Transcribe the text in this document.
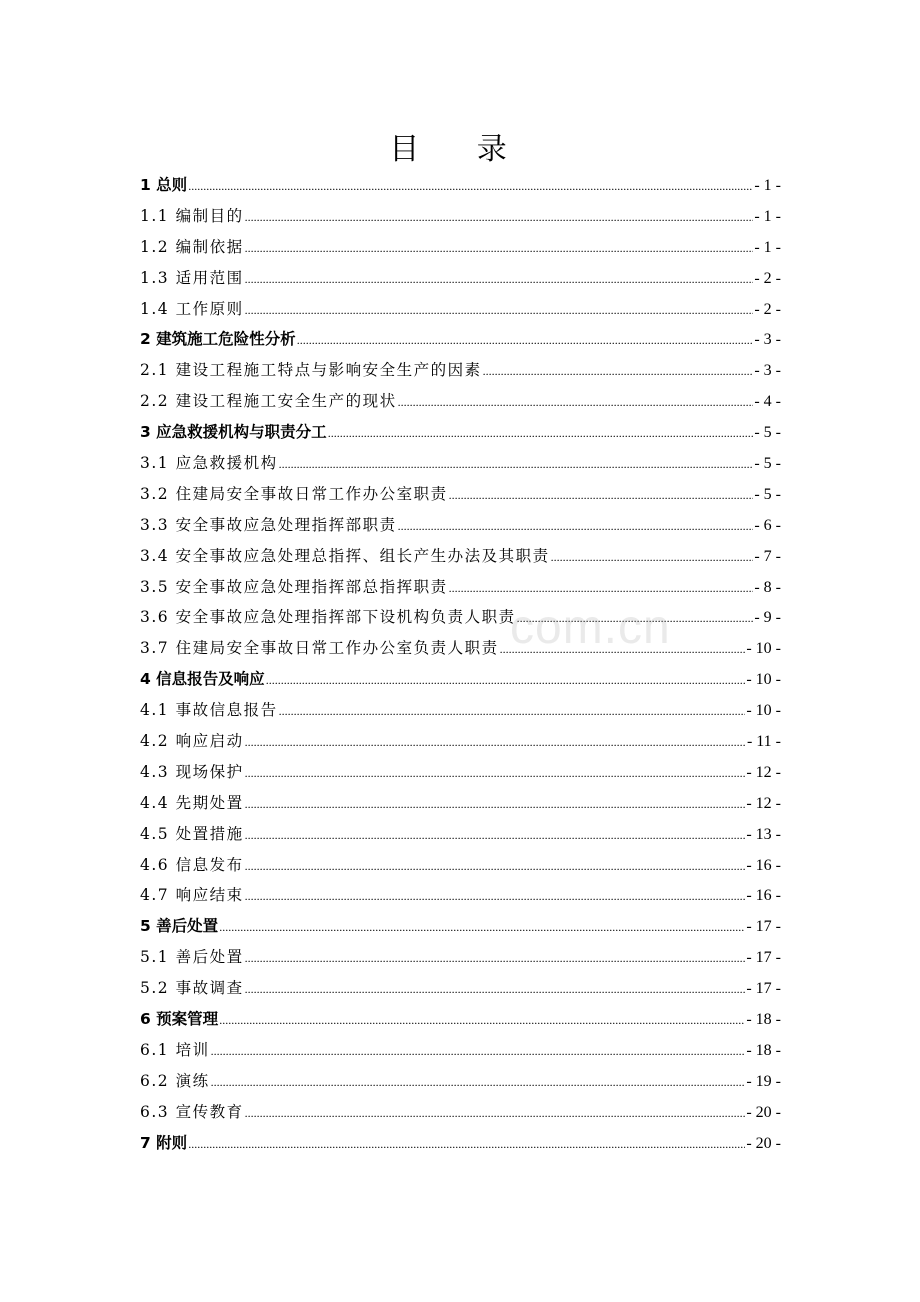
目 录
1 总则 .....	- 1 -
1.1 编制目的 .....	- 1 -
1.2 编制依据 .....	- 1 -
1.3 适用范围 .....	- 2 -
1.4 工作原则 .....	- 2 -
2 建筑施工危险性分析 .....	- 3 -
2.1 建设工程施工特点与影响安全生产的因素 .....	- 3 -
2.2 建设工程施工安全生产的现状 .....	- 4 -
3 应急救援机构与职责分工 .....	- 5 -
3.1 应急救援机构 .....	- 5 -
3.2 住建局安全事故日常工作办公室职责 .....	- 5 -
3.3 安全事故应急处理指挥部职责 .....	- 6 -
3.4 安全事故应急处理总指挥、组长产生办法及其职责 .....	- 7 -
3.5 安全事故应急处理指挥部总指挥职责 .....	- 8 -
3.6 安全事故应急处理指挥部下设机构负责人职责 .....	- 9 -
3.7 住建局安全事故日常工作办公室负责人职责 .....	- 10 -
4 信息报告及响应 .....	- 10 -
4.1 事故信息报告 .....	- 10 -
4.2 响应启动 .....	- 11 -
4.3 现场保护 .....	- 12 -
4.4 先期处置 .....	- 12 -
4.5 处置措施 .....	- 13 -
4.6 信息发布 .....	- 16 -
4.7 响应结束 .....	- 16 -
5 善后处置 .....	- 17 -
5.1 善后处置 .....	- 17 -
5.2 事故调查 .....	- 17 -
6 预案管理 .....	- 18 -
6.1 培训 .....	- 18 -
6.2 演练 .....	- 19 -
6.3 宣传教育 .....	- 20 -
7 附则 .....	- 20 -
com.cn
